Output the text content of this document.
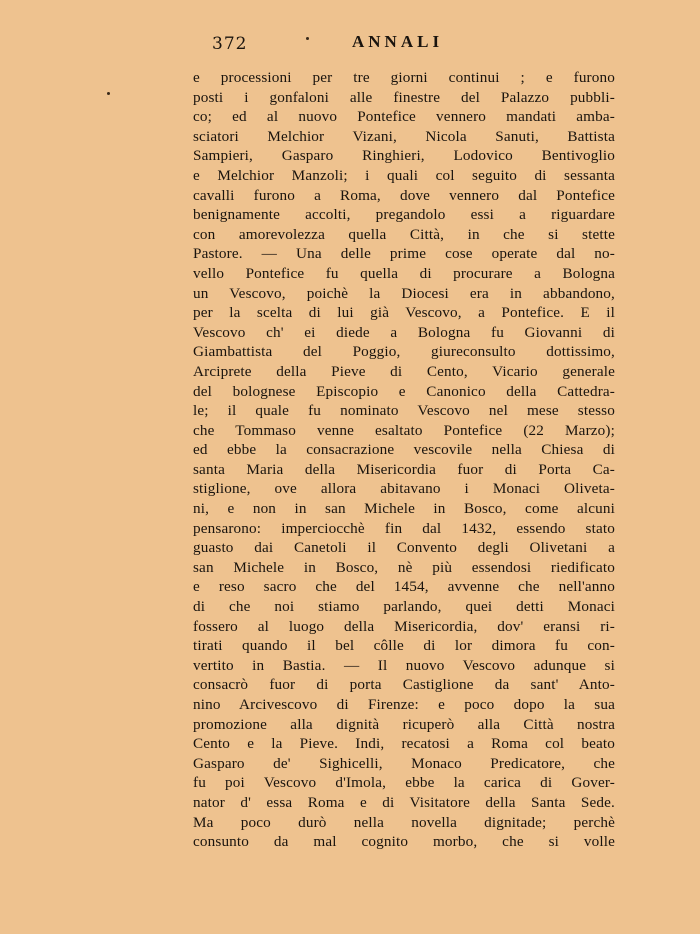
372	ANNALI
e processioni per tre giorni continui ; e furono
posti i gonfaloni alle finestre del Palazzo pubbli-
co; ed al nuovo Pontefice vennero mandati amba-
sciatori Melchior Vizani, Nicola Sanuti, Battista
Sampieri, Gasparo Ringhieri, Lodovico Bentivoglio
e Melchior Manzoli; i quali col seguito di sessanta
cavalli furono a Roma, dove vennero dal Pontefice
benignamente accolti, pregandolo essi a riguardare
con amorevolezza quella Città, in che si stette
Pastore. — Una delle prime cose operate dal no-
vello Pontefice fu quella di procurare a Bologna
un Vescovo, poichè la Diocesi era in abbandono,
per la scelta di lui già Vescovo, a Pontefice. E il
Vescovo ch' ei diede a Bologna fu Giovanni di
Giambattista del Poggio, giureconsulto dottissimo,
Arciprete della Pieve di Cento, Vicario generale
del bolognese Episcopio e Canonico della Cattedra-
le; il quale fu nominato Vescovo nel mese stesso
che Tommaso venne esaltato Pontefice (22 Marzo);
ed ebbe la consacrazione vescovile nella Chiesa di
santa Maria della Misericordia fuor di Porta Ca-
stiglione, ove allora abitavano i Monaci Oliveta-
ni, e non in san Michele in Bosco, come alcuni
pensarono: imperciocchè fin dal 1432, essendo stato
guasto dai Canetoli il Convento degli Olivetani a
san Michele in Bosco, nè più essendosi riedificato
e reso sacro che del 1454, avvenne che nell'anno
di che noi stiamo parlando, quei detti Monaci
fossero al luogo della Misericordia, dov' eransi ri-
tirati quando il bel côlle di lor dimora fu con-
vertito in Bastia. — Il nuovo Vescovo adunque si
consacrò fuor di porta Castiglione da sant' Anto-
nino Arcivescovo di Firenze: e poco dopo la sua
promozione alla dignità ricuperò alla Città nostra
Cento e la Pieve. Indi, recatosi a Roma col beato
Gasparo de' Sighicelli, Monaco Predicatore, che
fu poi Vescovo d'Imola, ebbe la carica di Gover-
nator d' essa Roma e di Visitatore della Santa Sede.
Ma poco durò nella novella dignitade; perchè
consunto da mal cognito morbo, che si volle
